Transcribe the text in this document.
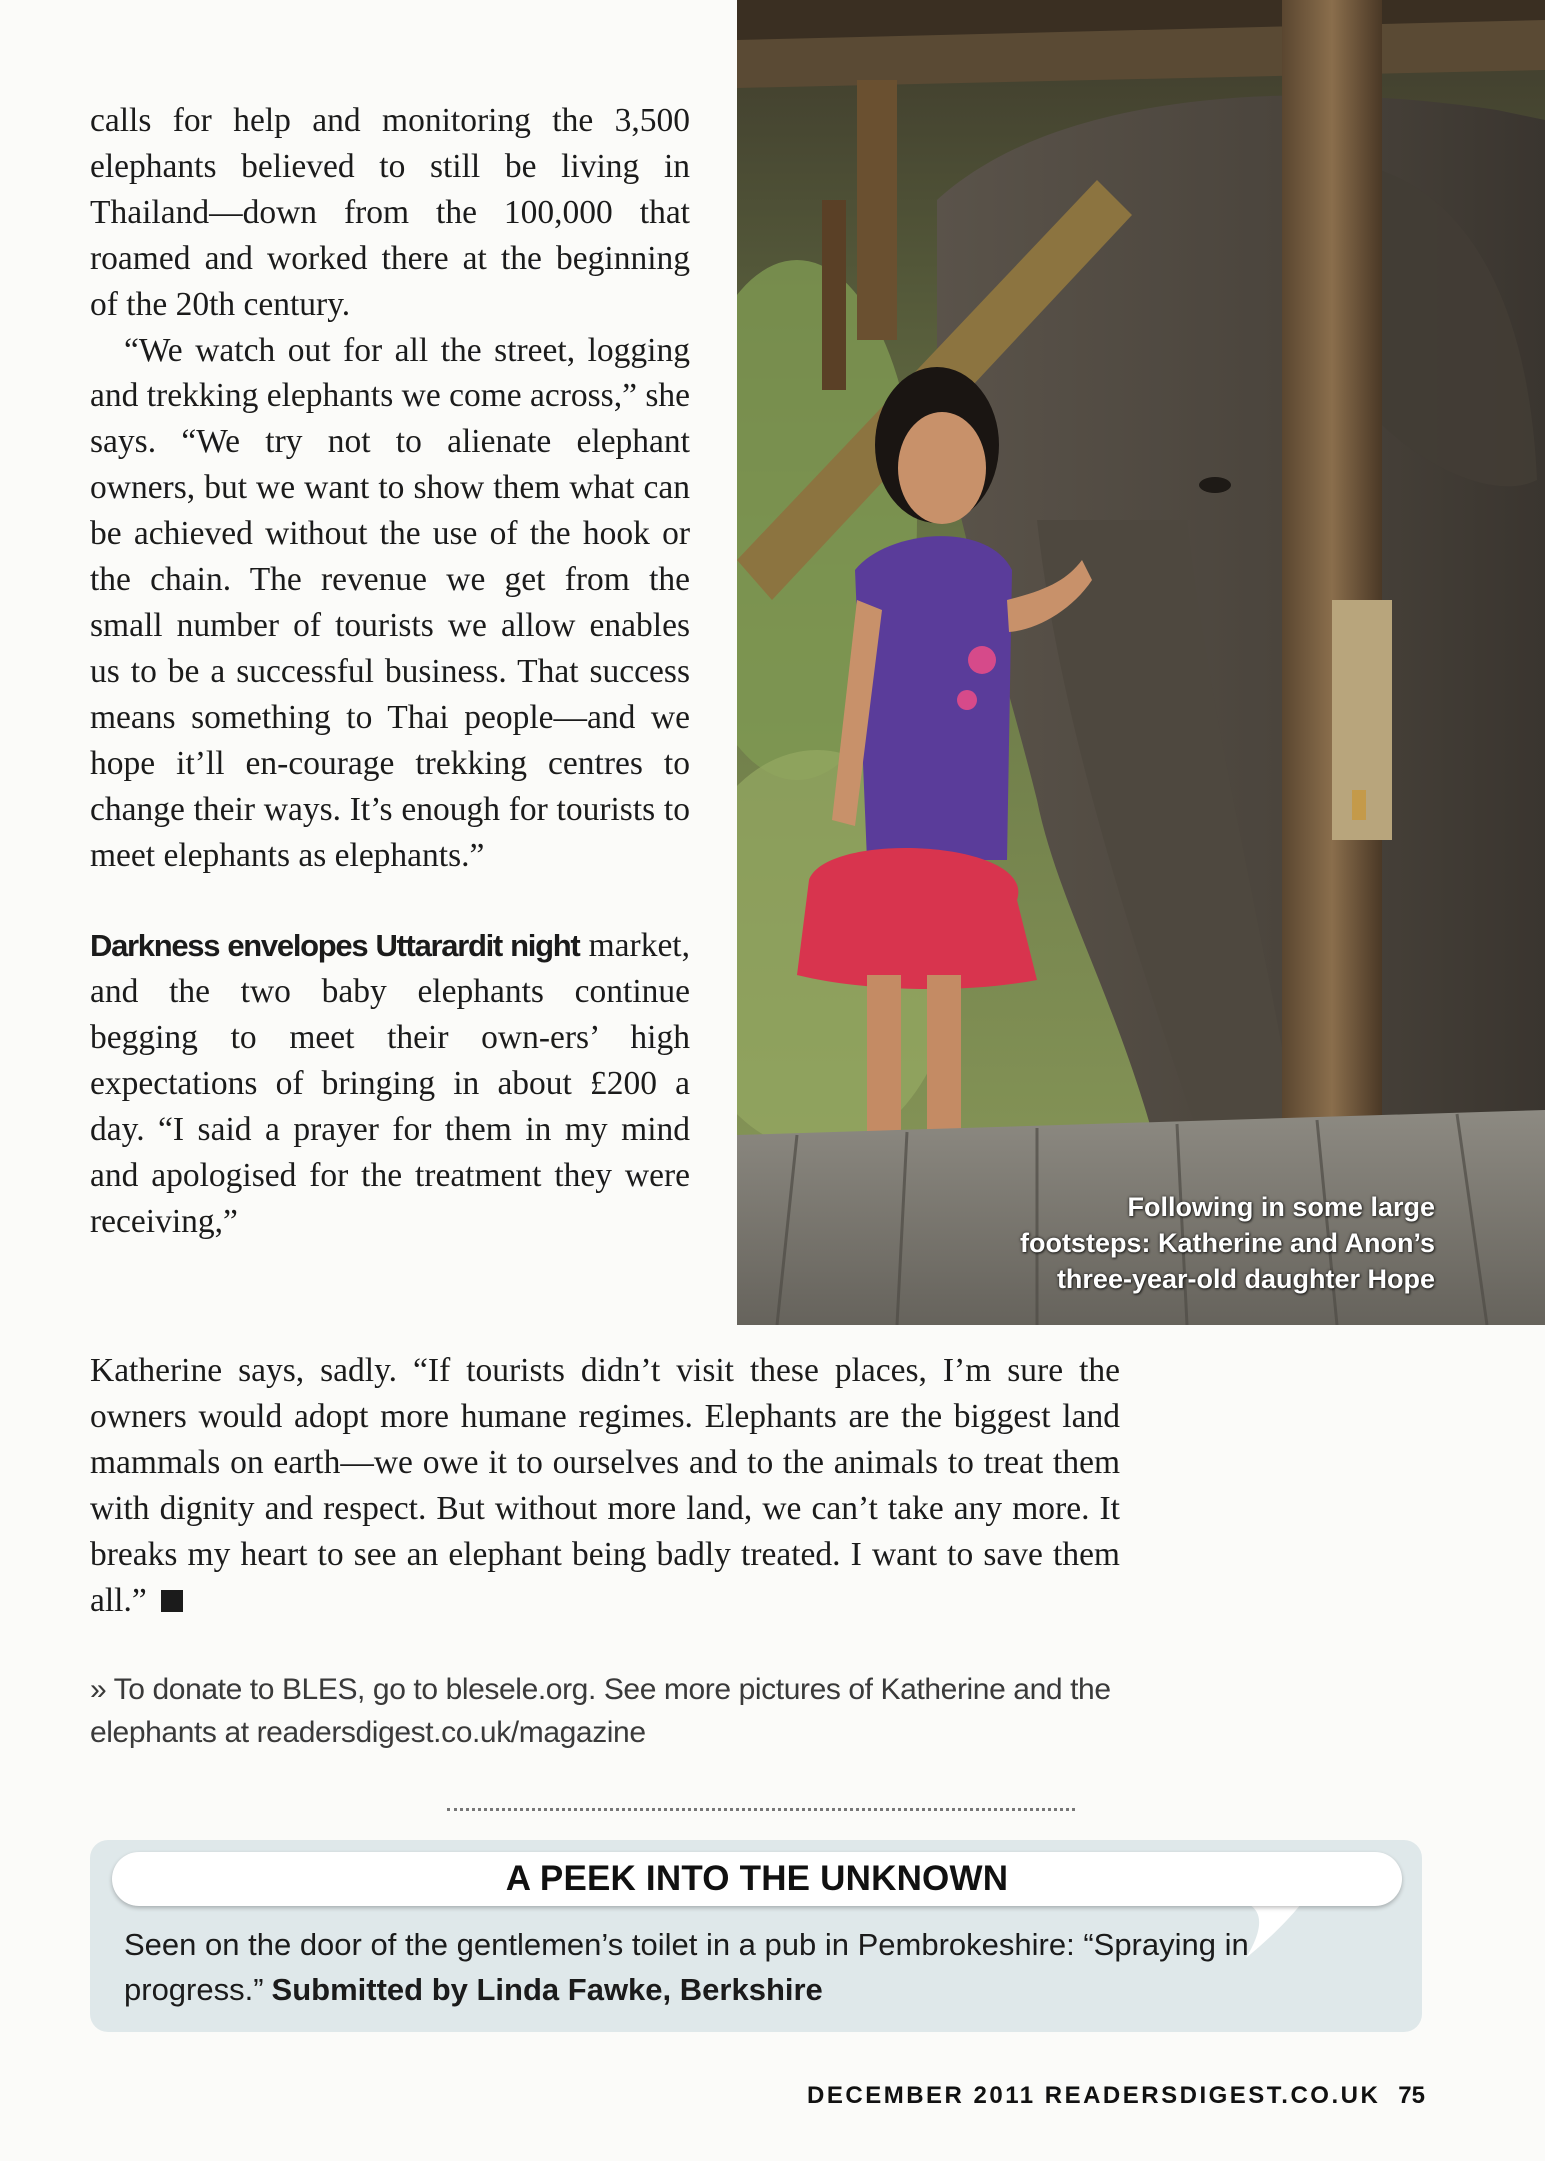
calls for help and monitoring the 3,500 elephants believed to still be living in Thailand—down from the 100,000 that roamed and worked there at the beginning of the 20th century.

“We watch out for all the street, logging and trekking elephants we come across,” she says. “We try not to alienate elephant owners, but we want to show them what can be achieved without the use of the hook or the chain. The revenue we get from the small number of tourists we allow enables us to be a successful business. That success means something to Thai people—and we hope it’ll en-courage trekking centres to change their ways. It’s enough for tourists to meet elephants as elephants.”

Darkness envelopes Uttarardit night market, and the two baby elephants continue begging to meet their own-ers’ high expectations of bringing in about £200 a day. “I said a prayer for them in my mind and apologised for the treatment they were receiving,”	Following in some large footsteps: Katherine and Anon’s three-year-old daughter Hope

Katherine says, sadly. “If tourists didn’t visit these places, I’m sure the owners would adopt more humane regimes. Elephants are the biggest land mammals on earth—we owe it to ourselves and to the animals to treat them with dignity and respect. But without more land, we can’t take any more. It breaks my heart to see an elephant being badly treated. I want to save them all.”

» To donate to BLES, go to blesele.org. See more pictures of Katherine and the elephants at readersdigest.co.uk/magazine
A PEEK INTO THE UNKNOWN
Seen on the door of the gentlemen’s toilet in a pub in Pembrokeshire: “Spraying in progress.” Submitted by Linda Fawke, Berkshire
DECEMBER 2011 READERSDIGEST.CO.UK 75
